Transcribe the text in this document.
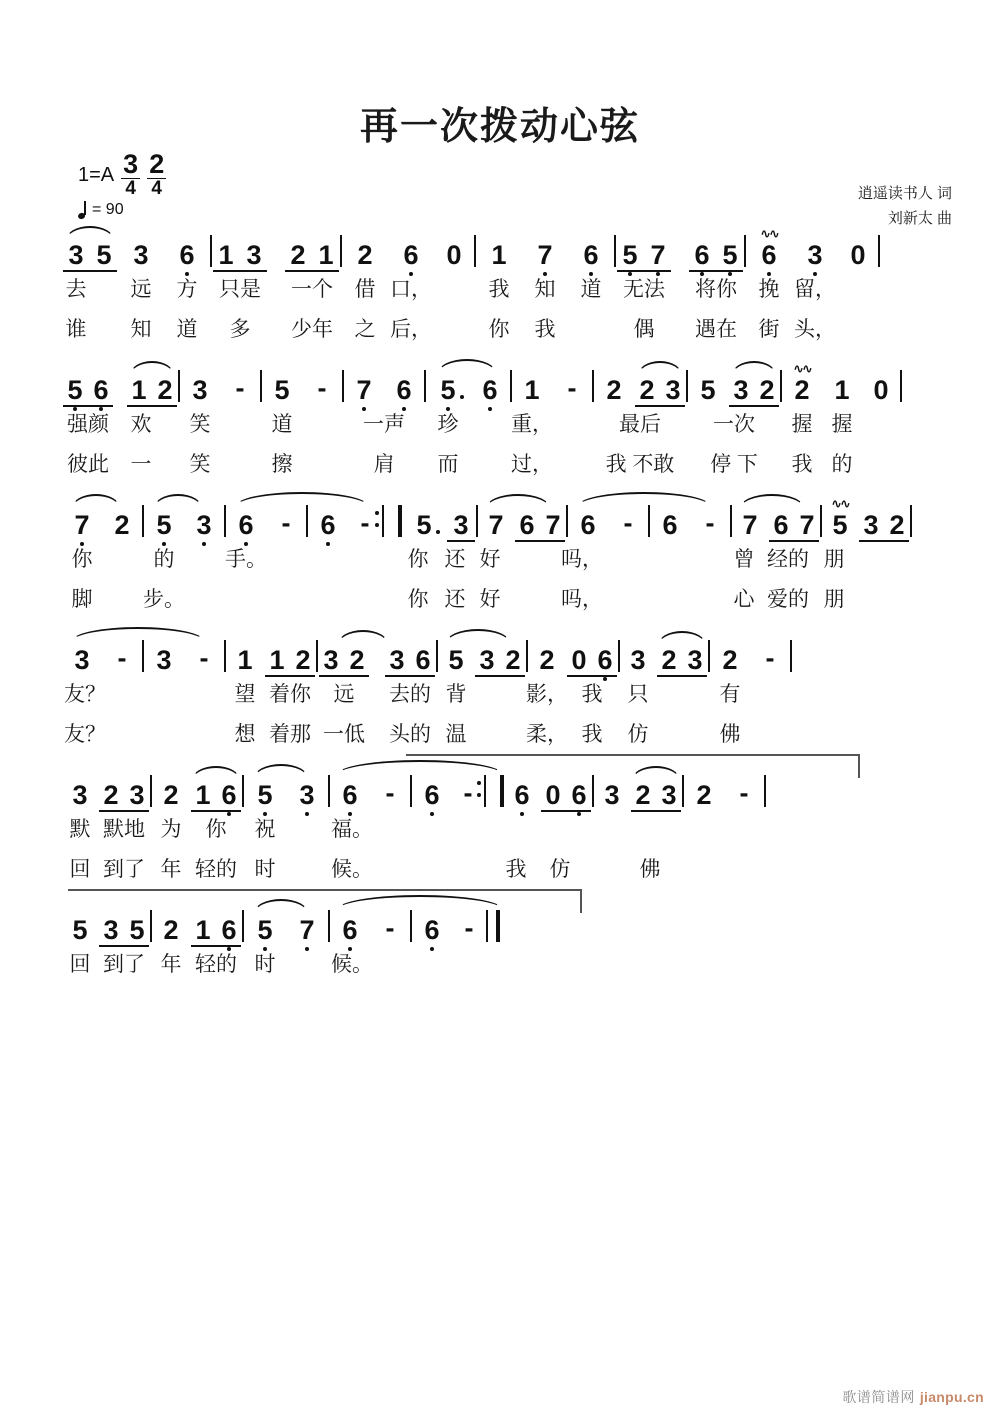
再一次拨动心弦
$1=A \frac{3}{4} \frac{2}{4}$
= 90
逍遥读书人 词
刘新太 曲
3 5 3 6 1 3 2 1 2 6 0 1 7 6 5 7 6 5 6
∿∿
3 0
去 远 方 只是 一个 借 口，	我 知 道 无法 将你 挽 留，
谁 知 道 多 少年 之 后，	你 我	偶 遇在 街 头，
5 6 1 2 3 - 5 - 7 6 5 6 1 - 2 2 3 5 3 2 2
∿∿
1 0
强颜 欢 笑	道	一声 珍	重，	最后 一次 握 握
彼此 一 笑	擦	肩 而	过，	我 不敢 停 下 我 的
7 2 5 3 6 - 6 - 5 3 7 6 7 6 - 6 - 7 6 7 5
∿∿
3 2
你	的 手。	你 还 好	吗，	曾 经的 朋
脚 步。	你 还 好	吗，	心 爱的 朋
3 - 3 - 1 1 2 3 2 3 6 5 3 2 2 0 6 3 2 3 2 -
友？	望 着你 远 去的 背	影， 我 只	有
友？	想 着那 一低 头的 温	柔， 我 仿	佛
3 2 3 2 1 6 5 3 6 - 6 - 6 0 6 3 2 3 2 -
默 默地 为 你 祝	福。
回 到了 年 轻的 时	候。	我 仿	佛
5 3 5 2 1 6 5 7 6 - 6 -
回 到了 年 轻的 时	候。
歌谱简谱网 jianpu.cn
